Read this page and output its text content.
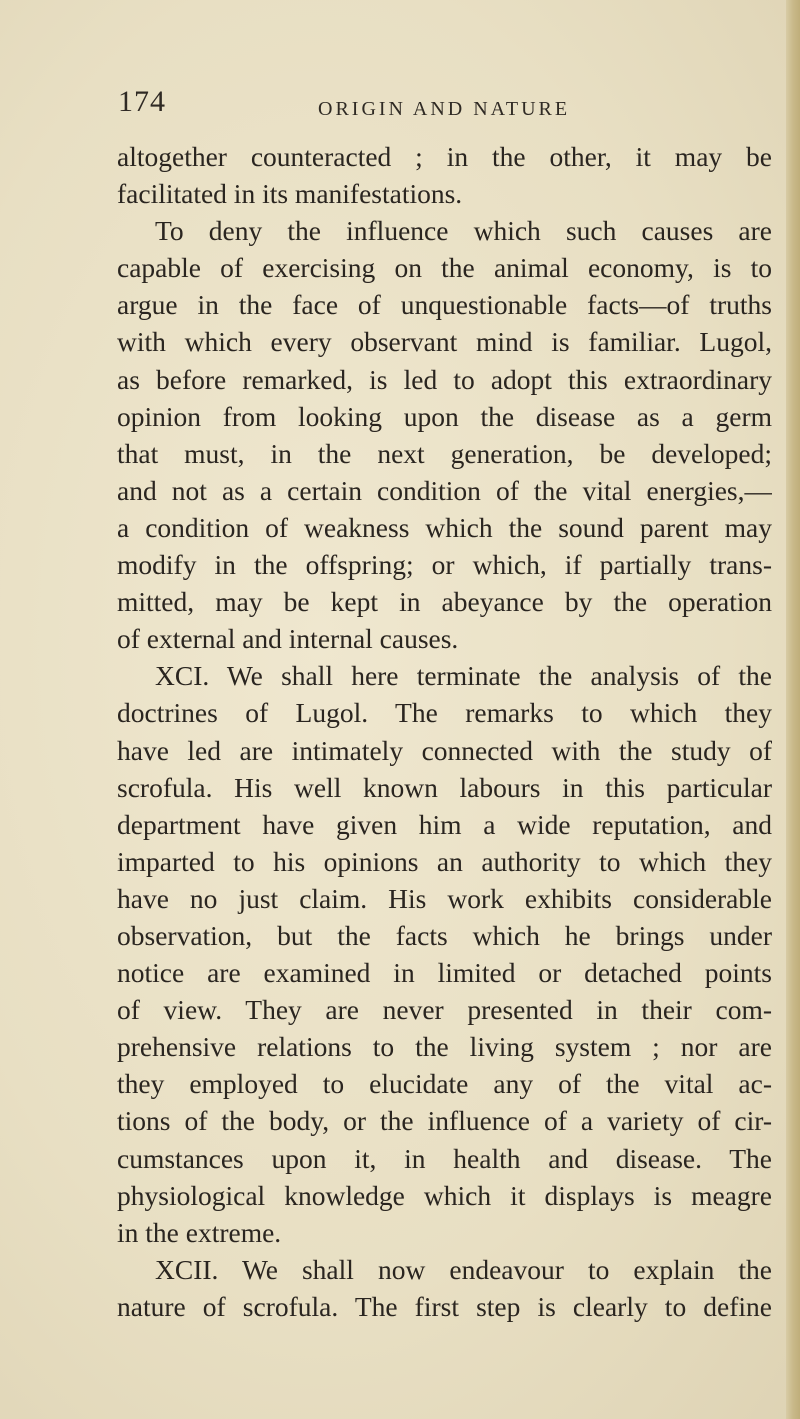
174	ORIGIN AND NATURE
altogether counteracted ; in the other, it may be
facilitated in its manifestations.
To deny the influence which such causes are
capable of exercising on the animal economy, is to
argue in the face of unquestionable facts—of truths
with which every observant mind is familiar. Lugol,
as before remarked, is led to adopt this extraordinary
opinion from looking upon the disease as a germ
that must, in the next generation, be developed;
and not as a certain condition of the vital energies,—
a condition of weakness which the sound parent may
modify in the offspring; or which, if partially trans-
mitted, may be kept in abeyance by the operation
of external and internal causes.
XCI. We shall here terminate the analysis of the
doctrines of Lugol. The remarks to which they
have led are intimately connected with the study of
scrofula. His well known labours in this particular
department have given him a wide reputation, and
imparted to his opinions an authority to which they
have no just claim. His work exhibits considerable
observation, but the facts which he brings under
notice are examined in limited or detached points
of view. They are never presented in their com-
prehensive relations to the living system ; nor are
they employed to elucidate any of the vital ac-
tions of the body, or the influence of a variety of cir-
cumstances upon it, in health and disease. The
physiological knowledge which it displays is meagre
in the extreme.
XCII. We shall now endeavour to explain the
nature of scrofula. The first step is clearly to define
